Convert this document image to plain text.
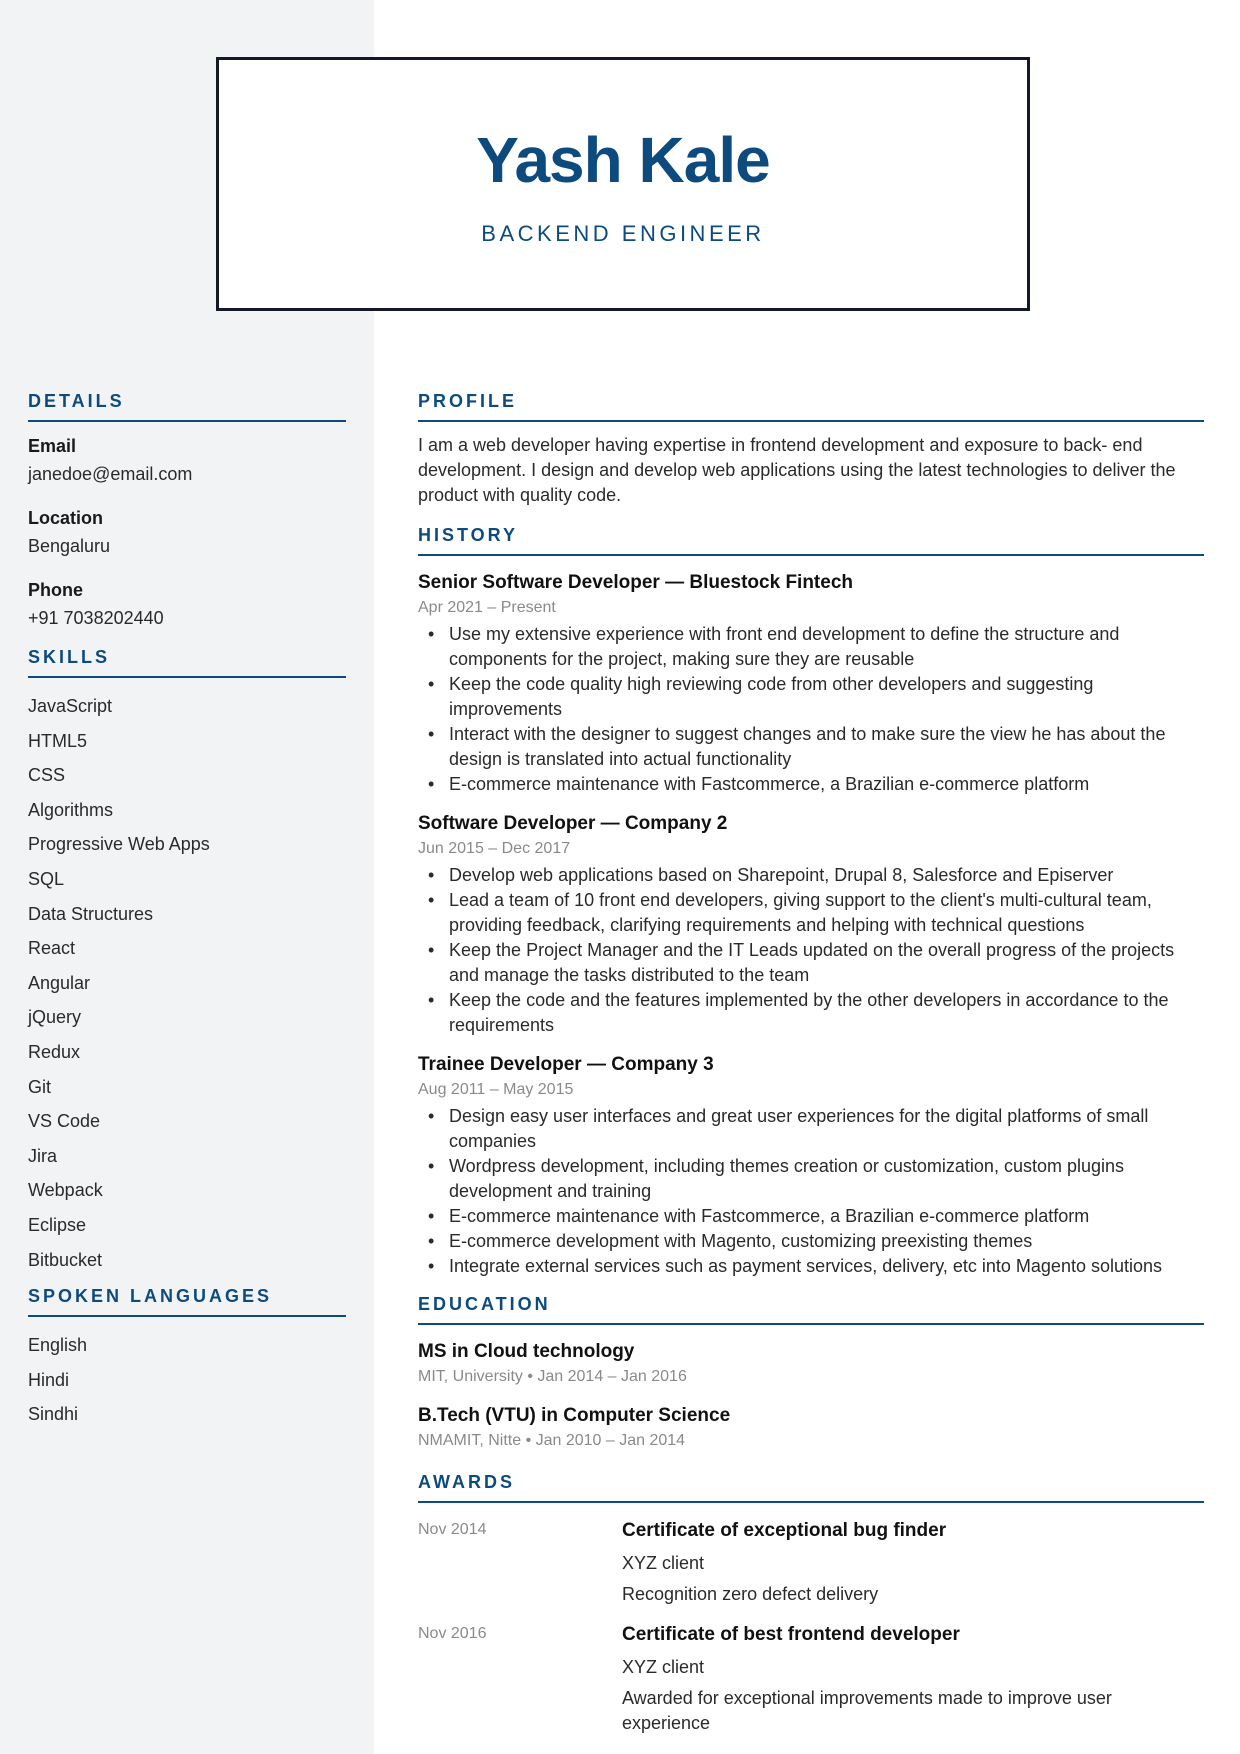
Yash Kale
BACKEND ENGINEER
DETAILS
Email
janedoe@email.com
Location
Bengaluru
Phone
+91 7038202440
SKILLS
JavaScript
HTML5
CSS
Algorithms
Progressive Web Apps
SQL
Data Structures
React
Angular
jQuery
Redux
Git
VS Code
Jira
Webpack
Eclipse
Bitbucket
SPOKEN LANGUAGES
English
Hindi
Sindhi
PROFILE

I am a web developer having expertise in frontend development and exposure to back- end development. I design and develop web applications using the latest technologies to deliver the product with quality code.

HISTORY
Senior Software Developer — Bluestock Fintech
Apr 2021 – Present
• Use my extensive experience with front end development to define the structure and components for the project, making sure they are reusable
• Keep the code quality high reviewing code from other developers and suggesting improvements
• Interact with the designer to suggest changes and to make sure the view he has about the design is translated into actual functionality
• E-commerce maintenance with Fastcommerce, a Brazilian e-commerce platform
Software Developer — Company 2
Jun 2015 – Dec 2017
• Develop web applications based on Sharepoint, Drupal 8, Salesforce and Episerver
• Lead a team of 10 front end developers, giving support to the client's multi-cultural team, providing feedback, clarifying requirements and helping with technical questions
• Keep the Project Manager and the IT Leads updated on the overall progress of the projects and manage the tasks distributed to the team
• Keep the code and the features implemented by the other developers in accordance to the requirements
Trainee Developer — Company 3
Aug 2011 – May 2015
• Design easy user interfaces and great user experiences for the digital platforms of small companies
• Wordpress development, including themes creation or customization, custom plugins development and training
• E-commerce maintenance with Fastcommerce, a Brazilian e-commerce platform
• E-commerce development with Magento, customizing preexisting themes
• Integrate external services such as payment services, delivery, etc into Magento solutions
EDUCATION
MS in Cloud technology
MIT, University • Jan 2014 – Jan 2016
B.Tech (VTU) in Computer Science
NMAMIT, Nitte • Jan 2010 – Jan 2014
AWARDS
Nov 2014	Certificate of exceptional bug finder
XYZ client
Recognition zero defect delivery
Nov 2016	Certificate of best frontend developer
XYZ client
Awarded for exceptional improvements made to improve user experience
